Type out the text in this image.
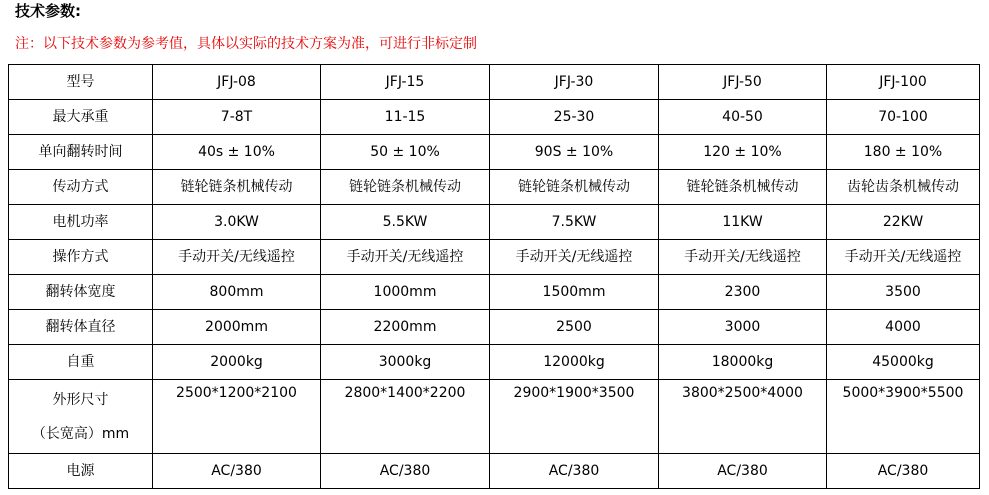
技术参数:
注：以下技术参数为参考值，具体以实际的技术方案为准，可进行非标定制
型号	JFJ-08	JFJ-15	JFJ-30	JFJ-50	JFJ-100
最大承重	7-8T	11-15	25-30	40-50	70-100
单向翻转时间	40s ± 10%	50 ± 10%	90S ± 10%	120 ± 10%	180 ± 10%
传动方式	链轮链条机械传动	链轮链条机械传动	链轮链条机械传动	链轮链条机械传动	齿轮齿条机械传动
电机功率	3.0KW	5.5KW	7.5KW	11KW	22KW
操作方式	手动开关/无线遥控	手动开关/无线遥控	手动开关/无线遥控	手动开关/无线遥控	手动开关/无线遥控
翻转体宽度	800mm	1000mm	1500mm	2300	3500
翻转体直径	2000mm	2200mm	2500	3000	4000
自重	2000kg	3000kg	12000kg	18000kg	45000kg

外形尺寸
（长宽高）mm	2500*1200*2100	2800*1400*2200	2900*1900*3500	3800*2500*4000	5000*3900*5500
电源	AC/380	AC/380	AC/380	AC/380	AC/380
